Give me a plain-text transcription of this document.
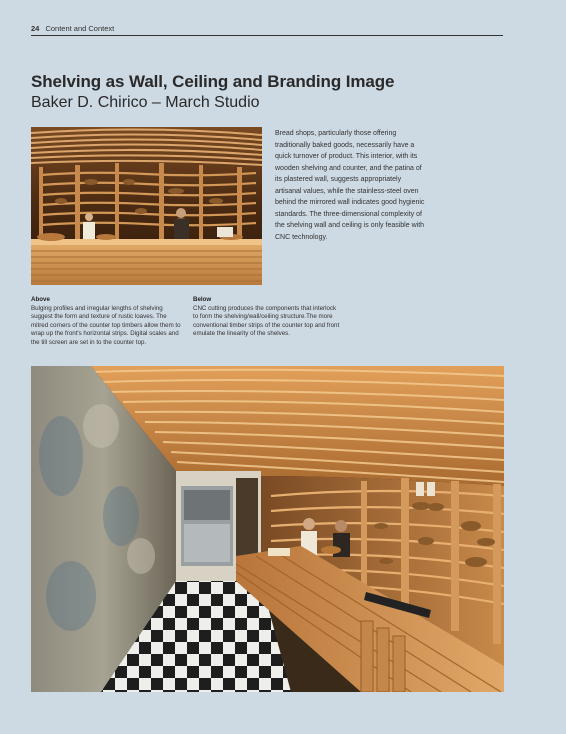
24 Content and Context
Shelving as Wall, Ceiling and Branding Image
Baker D. Chirico – March Studio
Bread shops, particularly those offering traditionally baked goods, necessarily have a quick turnover of product. This interior, with its wooden shelving and counter, and the patina of its plastered wall, suggests appropriately artisanal values, while the stainless-steel oven behind the mirrored wall indicates good hygienic standards. The three-dimensional complexity of the shelving wall and ceiling is only feasible with CNC technology.
Above
Bulging profiles and irregular lengths of shelving suggest the form and texture of rustic loaves. The mitred corners of the counter top timbers allow them to wrap up the front's horizontal strips. Digital scales and the till screen are set in to the counter top.
Below
CNC cutting produces the components that interlock to form the shelving/wall/ceiling structure.The more conventional timber strips of the counter top and front emulate the linearity of the shelves.
